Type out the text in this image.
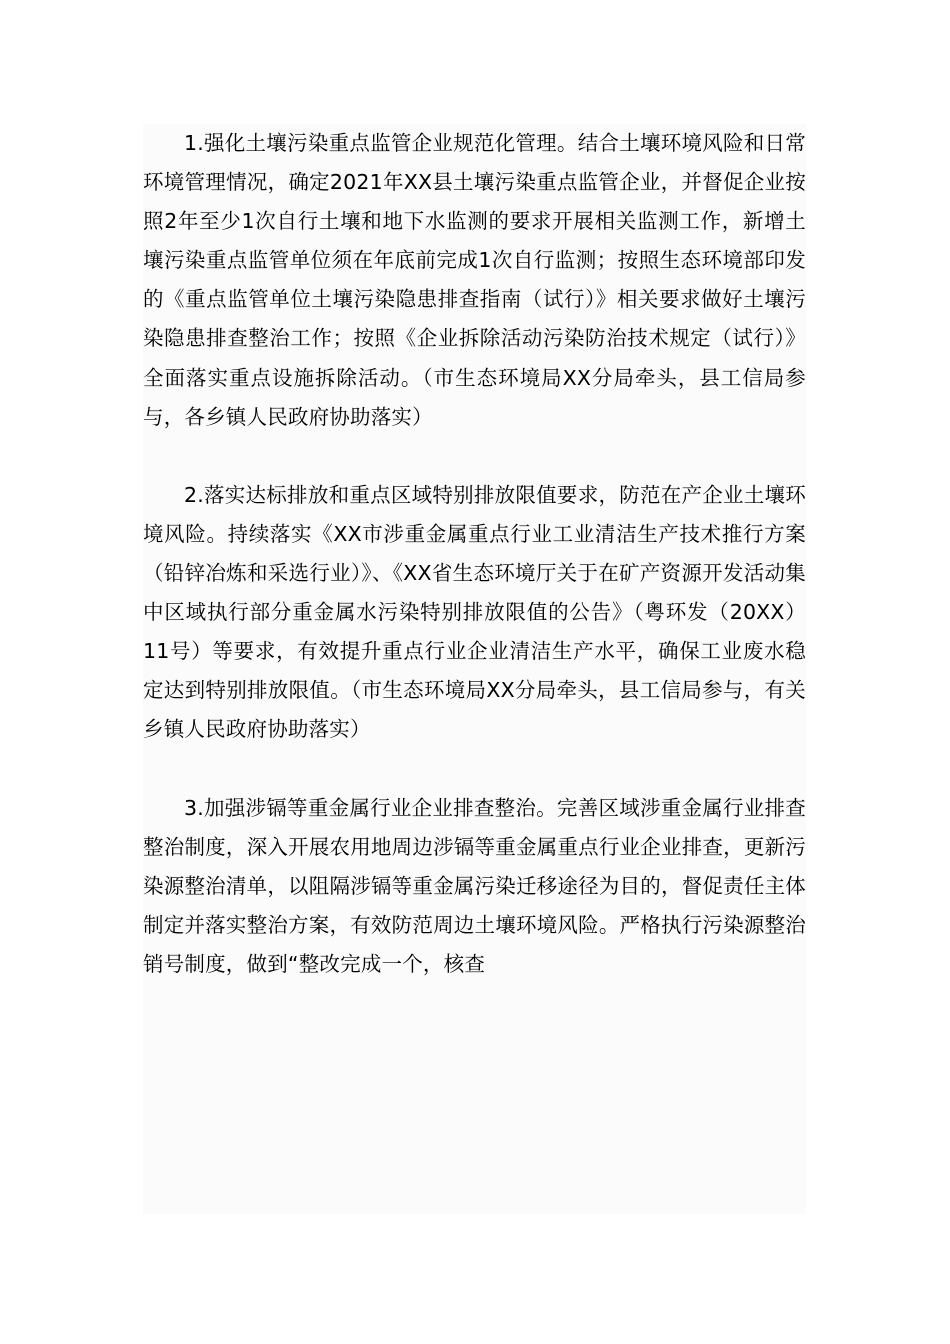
1.强化土壤污染重点监管企业规范化管理。结合土壤环境风险和日常环境管理情况，确定2021年XX县土壤污染重点监管企业，并督促企业按照2年至少1次自行土壤和地下水监测的要求开展相关监测工作，新增土壤污染重点监管单位须在年底前完成1次自行监测；按照生态环境部印发的《重点监管单位土壤污染隐患排查指南（试行）》相关要求做好土壤污染隐患排查整治工作；按照《企业拆除活动污染防治技术规定（试行）》全面落实重点设施拆除活动。（市生态环境局XX分局牵头，县工信局参与，各乡镇人民政府协助落实）

2.落实达标排放和重点区域特别排放限值要求，防范在产企业土壤环境风险。持续落实《XX市涉重金属重点行业工业清洁生产技术推行方案（铅锌冶炼和采选行业）》、《XX省生态环境厅关于在矿产资源开发活动集中区域执行部分重金属水污染特别排放限值的公告》（粤环发（20XX）11号）等要求，有效提升重点行业企业清洁生产水平，确保工业废水稳定达到特别排放限值。（市生态环境局XX分局牵头，县工信局参与，有关乡镇人民政府协助落实）

3.加强涉镉等重金属行业企业排查整治。完善区域涉重金属行业排查整治制度，深入开展农用地周边涉镉等重金属重点行业企业排查，更新污染源整治清单，以阻隔涉镉等重金属污染迁移途径为目的，督促责任主体制定并落实整治方案，有效防范周边土壤环境风险。严格执行污染源整治销号制度，做到“整改完成一个，核查
